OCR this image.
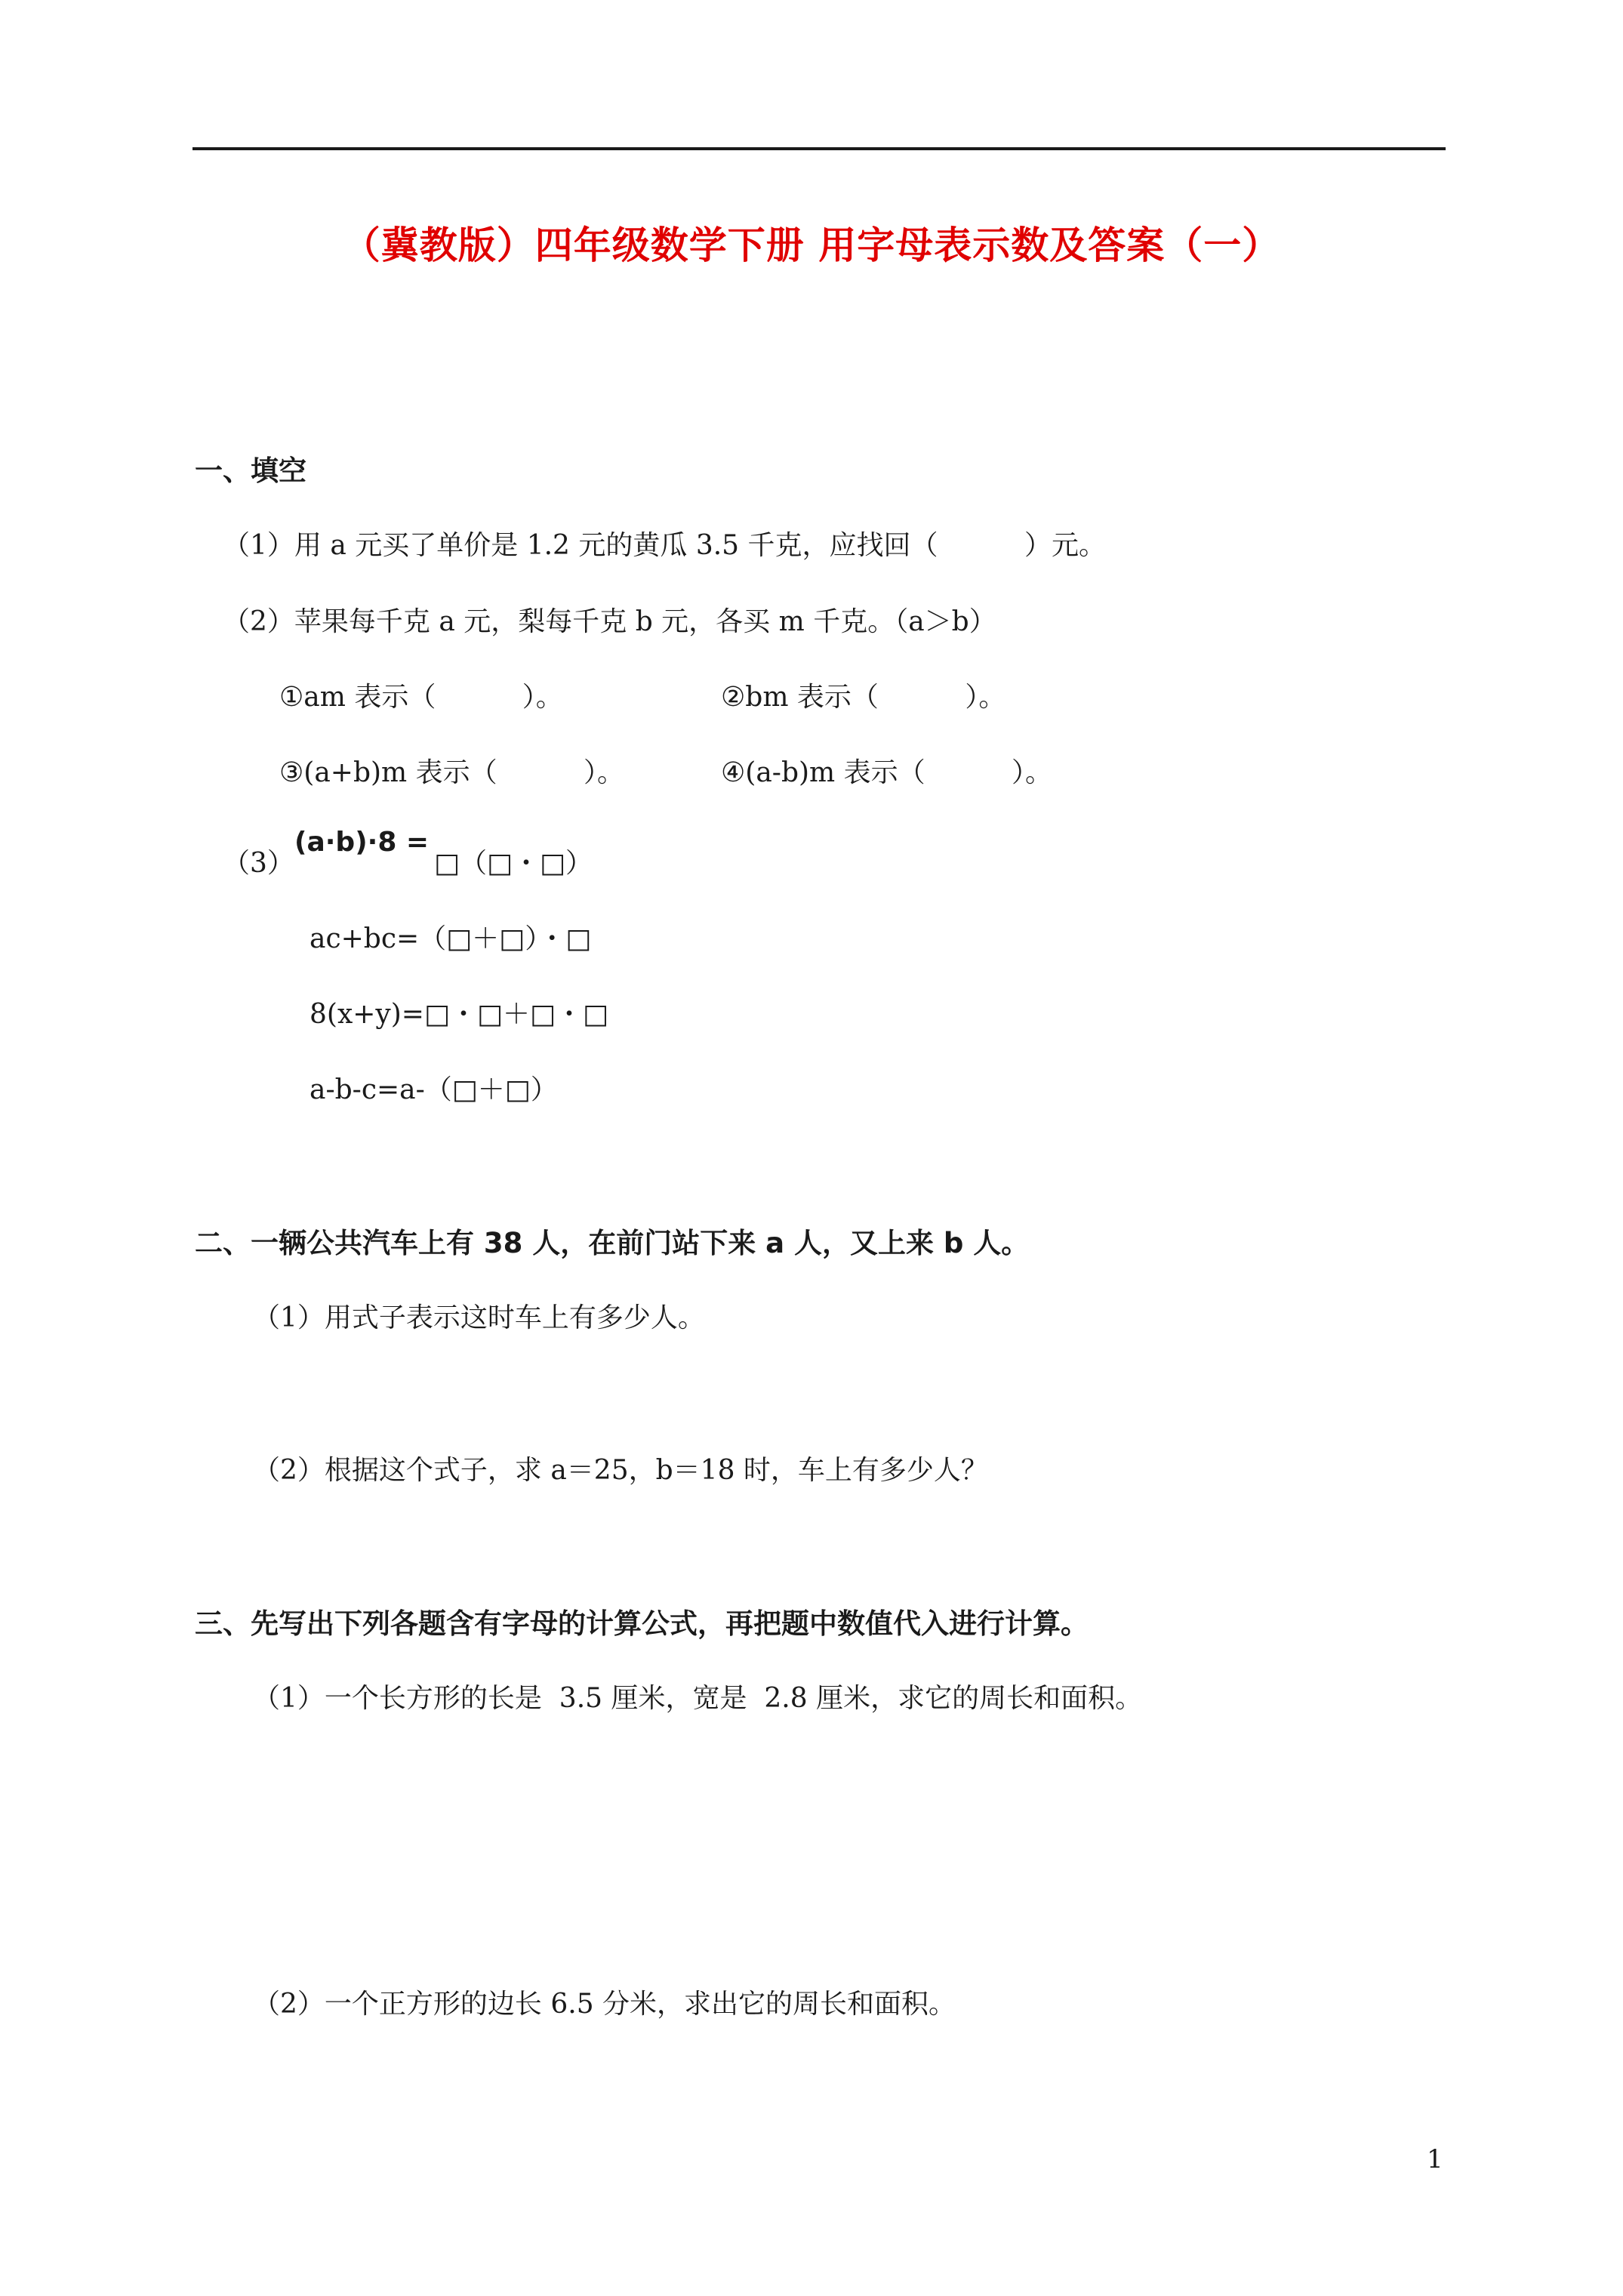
（冀教版）四年级数学下册 用字母表示数及答案（一）
一、填空
（1）用 a 元买了单价是 1.2 元的黄瓜 3.5 千克，应找回（          ）元。
（2）苹果每千克 a 元，梨每千克 b 元，各买 m 千克。（a＞b）
①am 表示（          ）。	②bm 表示（          ）。
③(a+b)m 表示（          ）。	④(a-b)m 表示（          ）。
（3）
(a·b)·8 =
□（□・□）
ac+bc=（□＋□）・□
8(x+y)=□・□＋□・□
a-b-c=a-（□＋□）
二、一辆公共汽车上有 38 人，在前门站下来 a 人，又上来 b 人。
（1）用式子表示这时车上有多少人。
（2）根据这个式子，求 a＝25，b＝18 时，车上有多少人？
三、先写出下列各题含有字母的计算公式，再把题中数值代入进行计算。
（1）一个长方形的长是  3.5 厘米，宽是  2.8 厘米，求它的周长和面积。
（2）一个正方形的边长 6.5 分米，求出它的周长和面积。
1
